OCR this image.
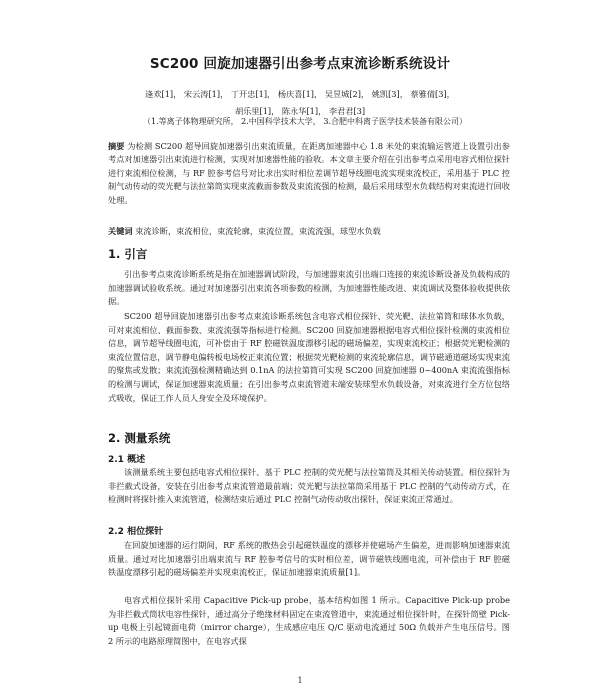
SC200 回旋加速器引出参考点束流诊断系统设计
逢欢[1]， 宋云涛[1]， 丁开忠[1]， 杨庆喜[1]， 吴昱城[2]， 姚凯[3]， 蔡雅倩[3]，
胡乐里[1]， 陈永华[1]， 李君君[3]
（1.等离子体物理研究所， 2.中国科学技术大学， 3.合肥中科离子医学技术装备有限公司）
摘要 为检测 SC200 超导回旋加速器引出束流质量，在距离加速器中心 1.8 米处的束流输运管道上设置引出参考点对加速器引出束流进行检测，实现对加速器性能的验收。本文章主要介绍在引出参考点采用电容式相位探针进行束流相位检测，与 RF 腔参考信号对比求出实时相位差调节超导线圈电流实现束流校正，采用基于 PLC 控制气动传动的荧光靶与法拉第筒实现束流截面参数及束流流强的检测，最后采用球型水负载结构对束流进行回收处理。
关键词 束流诊断，束流相位，束流轮廓，束流位置，束流流强，球型水负载
1. 引言
引出参考点束流诊断系统是指在加速器调试阶段，与加速器束流引出端口连接的束流诊断设备及负载构成的加速器调试验收系统。通过对加速器引出束流各项参数的检测，为加速器性能改进、束流调试及整体验收提供依据。
SC200 超导回旋加速器引出参考点束流诊断系统包含电容式相位探针、荧光靶、法拉第筒和球体水负载，可对束流相位、截面参数、束流流强等指标进行检测。SC200 回旋加速器根据电容式相位探针检测的束流相位信息，调节超导线圈电流，可补偿由于 RF 腔磁铁温度漂移引起的磁场偏差，实现束流校正；根据荧光靶检测的束流位置信息，调节静电偏转板电场校正束流位置；根据荧光靶检测的束流轮廓信息，调节磁通道磁场实现束流的聚焦或发散；束流流强检测精确达到 0.1nA 的法拉第筒可实现 SC200 回旋加速器 0~400nA 束流流强指标的检测与调试，保证加速器束流质量；在引出参考点束流管道末端安装球型水负载设备，对束流进行全方位包络式吸收，保证工作人员人身安全及环境保护。
2. 测量系统
2.1 概述
该测量系统主要包括电容式相位探针、基于 PLC 控制的荧光靶与法拉第筒及其相关传动装置。相位探针为非拦截式设备，安装在引出参考点束流管道最前端；荧光靶与法拉第筒采用基于 PLC 控制的气动传动方式，在检测时将探针推入束流管道，检测结束后通过 PLC 控制气动传动收出探针，保证束流正常通过。
2.2 相位探针
在回旋加速器的运行期间，RF 系统的散热会引起磁铁温度的漂移并使磁场产生偏差，进而影响加速器束流质量。通过对比加速器引出端束流与 RF 腔参考信号的实时相位差，调节磁铁线圈电流，可补偿由于 RF 腔磁铁温度漂移引起的磁场偏差并实现束流校正，保证加速器束流质量[1]。
电容式相位探针采用 Capacitive Pick-up probe，基本结构如图 1 所示。Capacitive Pick-up probe 为非拦截式筒状电容性探针，通过高分子绝缘材料固定在束流管道中，束流通过相位探针时，在探针筒壁 Pick-up 电极上引起镜面电荷（mirror charge），生成感应电压 Q/C 驱动电流通过 50Ω 负载并产生电压信号。图 2 所示的电路原理简图中，在电容式探
1
